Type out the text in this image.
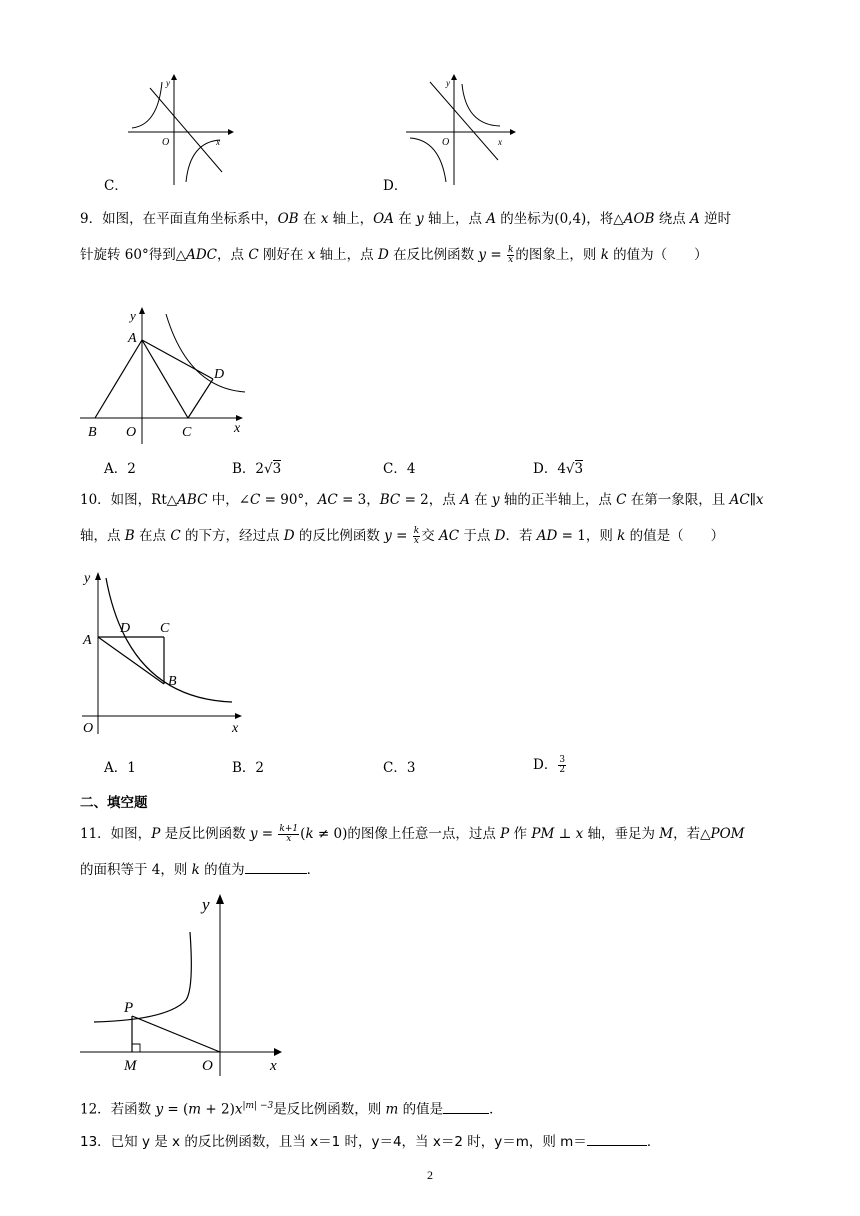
y
O	x
C．
y
O	x
D．
9．如图，在平面直角坐标系中，OB 在 x 轴上，OA 在 y 轴上，点 A 的坐标为(0,4)，将△AOB 绕点 A 逆时
针旋转 60°得到△ADC，点 C 刚好在 x 轴上，点 D 在反比例函数 $y = \frac{k}{x}$ 的图象上，则 k 的值为（　　）
y
A
D
B O	C	x
A．2	B．2√3	C．4	D．4√3
10．如图，Rt△ABC 中，∠C = 90°，AC = 3，BC = 2，点 A 在 y 轴的正半轴上，点 C 在第一象限，且 AC∥x
轴，点 B 在点 C 的下方，经过点 D 的反比例函数 $y = \frac{k}{x}$ 交 AC 于点 D．若 AD = 1，则 k 的值是（　　）
y
A
D C
B
O	x
A．1	B．2	C．3	D． $\frac{3}{2}$
二、填空题
11．如图，P 是反比例函数 $y = \frac{k+1}{x} (k \ne 0)$的图像上任意一点，过点 P 作 PM ⊥ x 轴，垂足为 M，若△POM
的面积等于 4，则 k 的值为	．
y
P
M	O	x
12．若函数 $y = (m + 2)x^{|m| -3}$是反比例函数，则 m 的值是	．
13．已知 y 是 x 的反比例函数，且当 x＝1 时，y＝4，当 x＝2 时，y＝m，则 m＝	．
2
